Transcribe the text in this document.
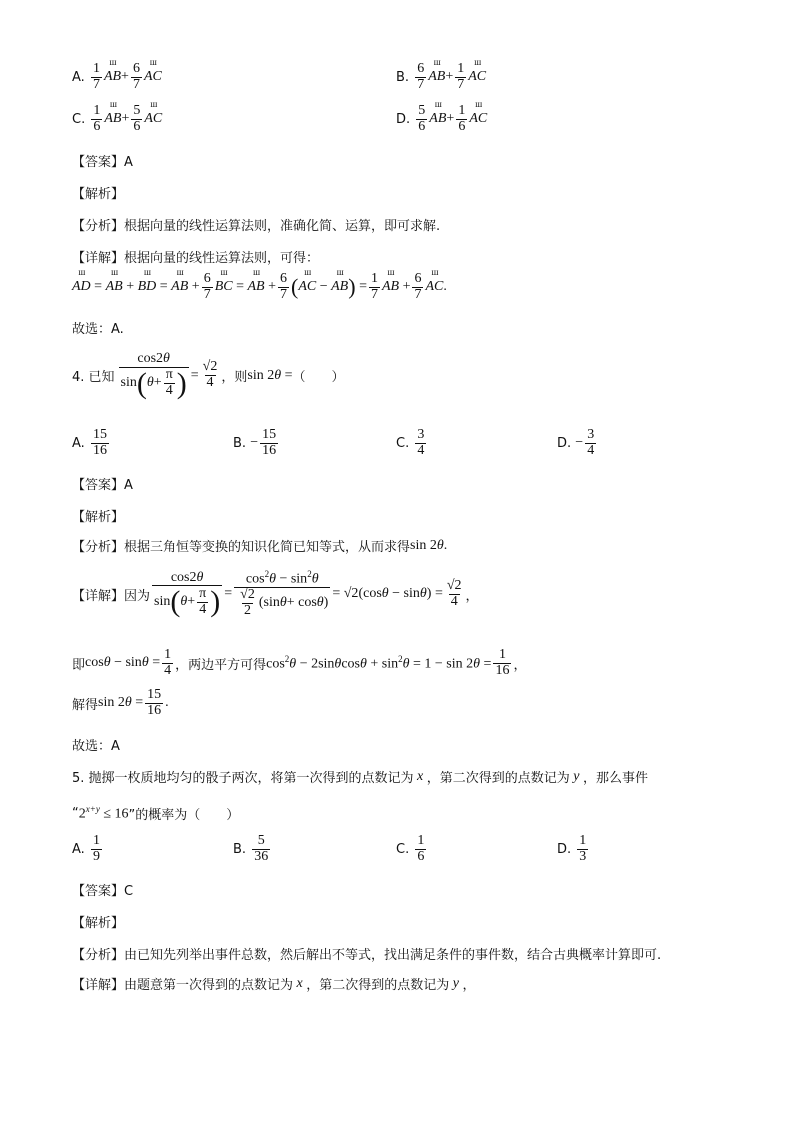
A.
$\frac{1}{7}$ ш AB + $\frac{6}{7}$ ш AC	B.
$\frac{6}{7}$ ш AB + $\frac{1}{7}$ ш AC
C.
$\frac{1}{6}$ ш AB + $\frac{5}{6}$ ш AC	D.
$\frac{5}{6}$ ш AB + $\frac{1}{6}$ ш AC
【答案】A
【解析】
【分析】根据向量的线性运算法则，准确化简、运算，即可求解.
【详解】根据向量的线性运算法则，可得：
ш AD
=
ш AB
+
ш BD
=
ш AB
+ $\frac{6}{7}$ ш BC
=
ш AB
+ $\frac{6}{7}$ ( ш AC
−
ш AB )
= $\frac{1}{7}$ ш AB
+ $\frac{6}{7}$ ш AC .
故选：A.
4. 已知 $\frac{\cos 2\theta}{\sin ( \theta + \frac{\pi}{4} )} = \frac{√2}{4}$ ，则 sin 2θ = （　　）
A.
$\frac{15}{16}$	B.
− $\frac{15}{16}$	C.
$\frac{3}{4}$	D.
− $\frac{3}{4}$
【答案】A
【解析】
【分析】根据三角恒等变换的知识化简已知等式，从而求得 sin 2θ.
【详解】因为 $\frac{\cos 2\theta}{\sin ( \theta + \frac{\pi}{4} )} = \frac{\cos^2\theta - \sin^2\theta}{\frac{√2}{2} (\sin \theta + \cos \theta )} = √2$ $(\cos\theta - \sin\theta) = \frac{√2}{4}$ ，
即 $\cos\theta - \sin\theta = \frac{1}{4}$ ，两边平方可得 $\cos^2\theta - 2\sin\theta\cos\theta + \sin^2\theta = 1 - \sin 2\theta = \frac{1}{16}$ ，
解得 $\sin 2\theta = \frac{15}{16}$ .
故选：A
5. 抛掷一枚质地均匀的骰子两次，将第一次得到的点数记为 x ，第二次得到的点数记为 y ，那么事件
“ $2^{x+y} \le 16$ ”的概率为（　　）
A.
$\frac{1}{9}$	B.
$\frac{5}{36}$	C.
$\frac{1}{6}$	D.
$\frac{1}{3}$
【答案】C
【解析】
【分析】由已知先列举出事件总数，然后解出不等式，找出满足条件的事件数，结合古典概率计算即可.
【详解】由题意第一次得到的点数记为 x ，第二次得到的点数记为 y ，
